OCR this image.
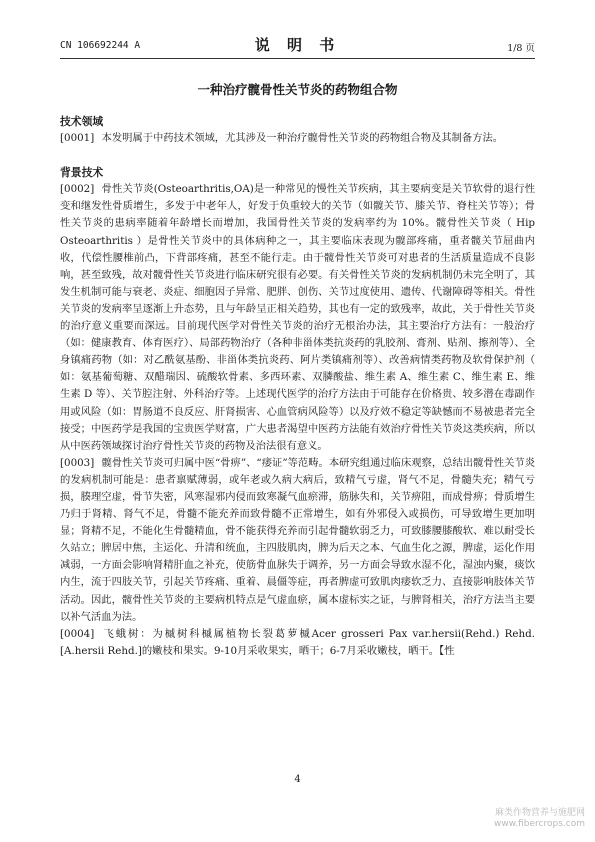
CN 106692244 A	说 明 书	1/8 页
一种治疗髋骨性关节炎的药物组合物

技术领域

[0001] 本发明属于中药技术领域，尤其涉及一种治疗髋骨性关节炎的药物组合物及其制备方法。

背景技术

[0002] 骨性关节炎(Osteoarthritis,OA)是一种常见的慢性关节疾病，其主要病变是关节软骨的退行性变和继发性骨质增生，多发于中老年人，好发于负重较大的关节（如髋关节、膝关节、脊柱关节等）；骨性关节炎的患病率随着年龄增长而增加，我国骨性关节炎的发病率约为 10%。髋骨性关节炎（ Hip Osteoarthritis ）是骨性关节炎中的具体病种之一，其主要临床表现为髋部疼痛，重者髋关节屈曲内收，代偿性腰椎前凸，下背部疼痛，甚至不能行走。由于髋骨性关节炎可对患者的生活质量造成不良影响，甚至致残，故对髋骨性关节炎进行临床研究很有必要。有关骨性关节炎的发病机制仍未完全明了，其发生机制可能与衰老、炎症、细胞因子异常、肥胖、创伤、关节过度使用、遗传、代谢障碍等相关。骨性关节炎的发病率呈逐渐上升态势，且与年龄呈正相关趋势，其也有一定的致残率，故此，关于骨性关节炎的治疗意义重要而深远。目前现代医学对骨性关节炎的治疗无根治办法，其主要治疗方法有：一般治疗（如：健康教育、体育医疗）、局部药物治疗（各种非甾体类抗炎药的乳胶剂、膏剂、贴剂、擦剂等）、全身镇痛药物（如：对乙酰氨基酚、非甾体类抗炎药、阿片类镇痛剂等）、改善病情类药物及软骨保护剂（ 如：氨基葡萄糖、双醋瑞因、硫酸软骨素、多西环素、双膦酸盐、维生素 A、维生素 C、维生素 E、维生素 D 等）、关节腔注射、外科治疗等。上述现代医学的治疗方法由于可能存在价格贵、较多潜在毒副作用或风险（如：胃肠道不良反应、肝肾损害、心血管病风险等）以及疗效不稳定等缺憾而不易被患者完全接受；中医药学是我国的宝贵医学财富，广大患者渴望中医药方法能有效治疗骨性关节炎这类疾病，所以从中医药领域探讨治疗骨性关节炎的药物及治法很有意义。

[0003] 髋骨性关节炎可归属中医“骨痹”、“痿证”等范畴。本研究组通过临床观察，总结出髋骨性关节炎的发病机制可能是：患者禀赋薄弱，或年老或久病大病后，致精气亏虚，肾气不足，骨髓失充；精气亏损，腠理空虚，骨节失密，风寒湿邪内侵而致寒凝气血瘀滞，筋脉失和，关节痹阻，而成骨痹；骨质增生乃归于肾精、肾气不足，骨髓不能充养而致骨髓不正常增生，如有外邪侵入或损伤，可导致增生更加明显；肾精不足，不能化生骨髓精血，骨不能获得充养而引起骨髓软弱乏力，可致膝腰膝酸软、难以耐受长久站立；脾居中焦，主运化、升清和统血，主四肢肌肉，脾为后天之本、气血生化之源，脾虚，运化作用减弱，一方面会影响肾精肝血之补充，使筋骨血脉失于调养，另一方面会导致水湿不化，湿浊内聚，痰饮内生，流于四肢关节，引起关节疼痛、重着、晨僵等症，再者脾虚可致肌肉痿软乏力、直接影响肢体关节活动。因此，髋骨性关节炎的主要病机特点是气虚血瘀，属本虚标实之证，与脾肾相关，治疗方法当主要以补气活血为法。

[0004] 飞蛾树：为槭树科槭属植物长裂葛萝槭Acer grosseri Pax var.hersii(Rehd.) Rehd.[A.hersii Rehd.]的嫩枝和果实。9-10月采收果实，晒干；6-7月采收嫩枝，晒干。【性

4
麻类作物营养与施肥网
www.fibercrops.com
